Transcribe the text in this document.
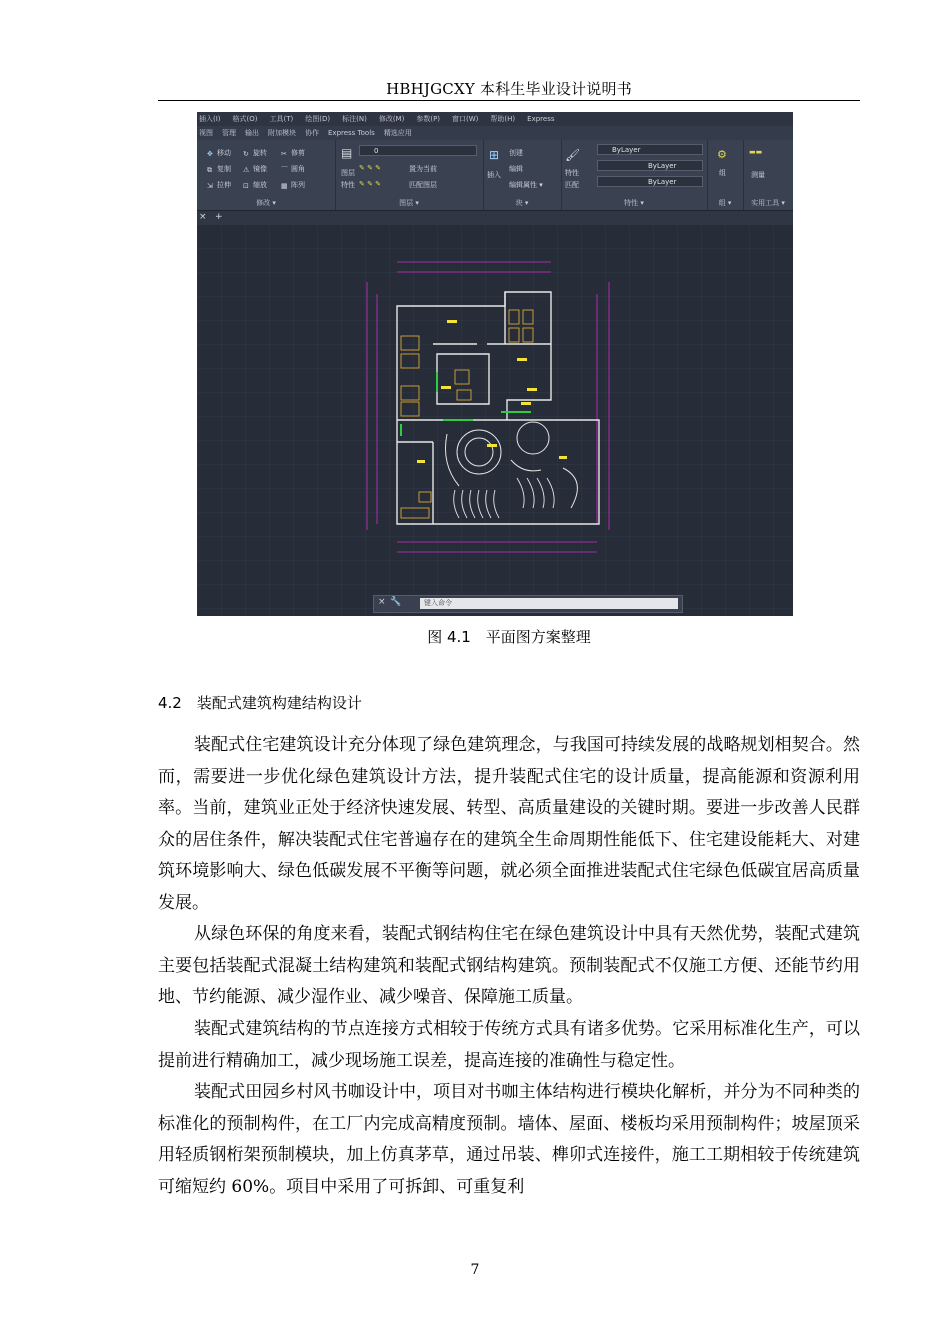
HBHJGCXY 本科生毕业设计说明书
插入(I) 格式(O) 工具(T) 绘图(D) 标注(N) 修改(M) 参数(P) 窗口(W) 帮助(H) Express
视图 管理 输出 附加模块 协作 Express Tools 精选应用
✥ 移动 ↻ 旋转 ✂ 修剪
⧉ 复制 ⚠ 镜像 ⌒ 圆角
⇲ 拉伸 ⊡ 缩放 ▦ 阵列
修改 ▾
▤
图层
特性
0
置为当前
匹配图层
✎ ✎ ✎
✎ ✎ ✎
图层 ▾
⊞
插入
创建
编辑
编辑属性 ▾
块 ▾
🖌
特性
匹配
ByLayer
ByLayer
ByLayer
特性 ▾
⚙
组
组 ▾
▬▬
测量
实用工具 ▾
× +
× 🔧	键入命令
图 4.1　平面图方案整理
4.2　装配式建筑构建结构设计

装配式住宅建筑设计充分体现了绿色建筑理念，与我国可持续发展的战略规划相契合。然而，需要进一步优化绿色建筑设计方法，提升装配式住宅的设计质量，提高能源和资源利用率。当前，建筑业正处于经济快速发展、转型、高质量建设的关键时期。要进一步改善人民群众的居住条件，解决装配式住宅普遍存在的建筑全生命周期性能低下、住宅建设能耗大、对建筑环境影响大、绿色低碳发展不平衡等问题，就必须全面推进装配式住宅绿色低碳宜居高质量发展。

从绿色环保的角度来看，装配式钢结构住宅在绿色建筑设计中具有天然优势，装配式建筑主要包括装配式混凝土结构建筑和装配式钢结构建筑。预制装配式不仅施工方便、还能节约用地、节约能源、减少湿作业、减少噪音、保障施工质量。

装配式建筑结构的节点连接方式相较于传统方式具有诸多优势。它采用标准化生产，可以提前进行精确加工，减少现场施工误差，提高连接的准确性与稳定性。

装配式田园乡村风书咖设计中，项目对书咖主体结构进行模块化解析，并分为不同种类的标准化的预制构件，在工厂内完成高精度预制。墙体、屋面、楼板均采用预制构件；坡屋顶采用轻质钢桁架预制模块，加上仿真茅草，通过吊装、榫卯式连接件，施工工期相较于传统建筑可缩短约 60%。项目中采用了可拆卸、可重复利

7
